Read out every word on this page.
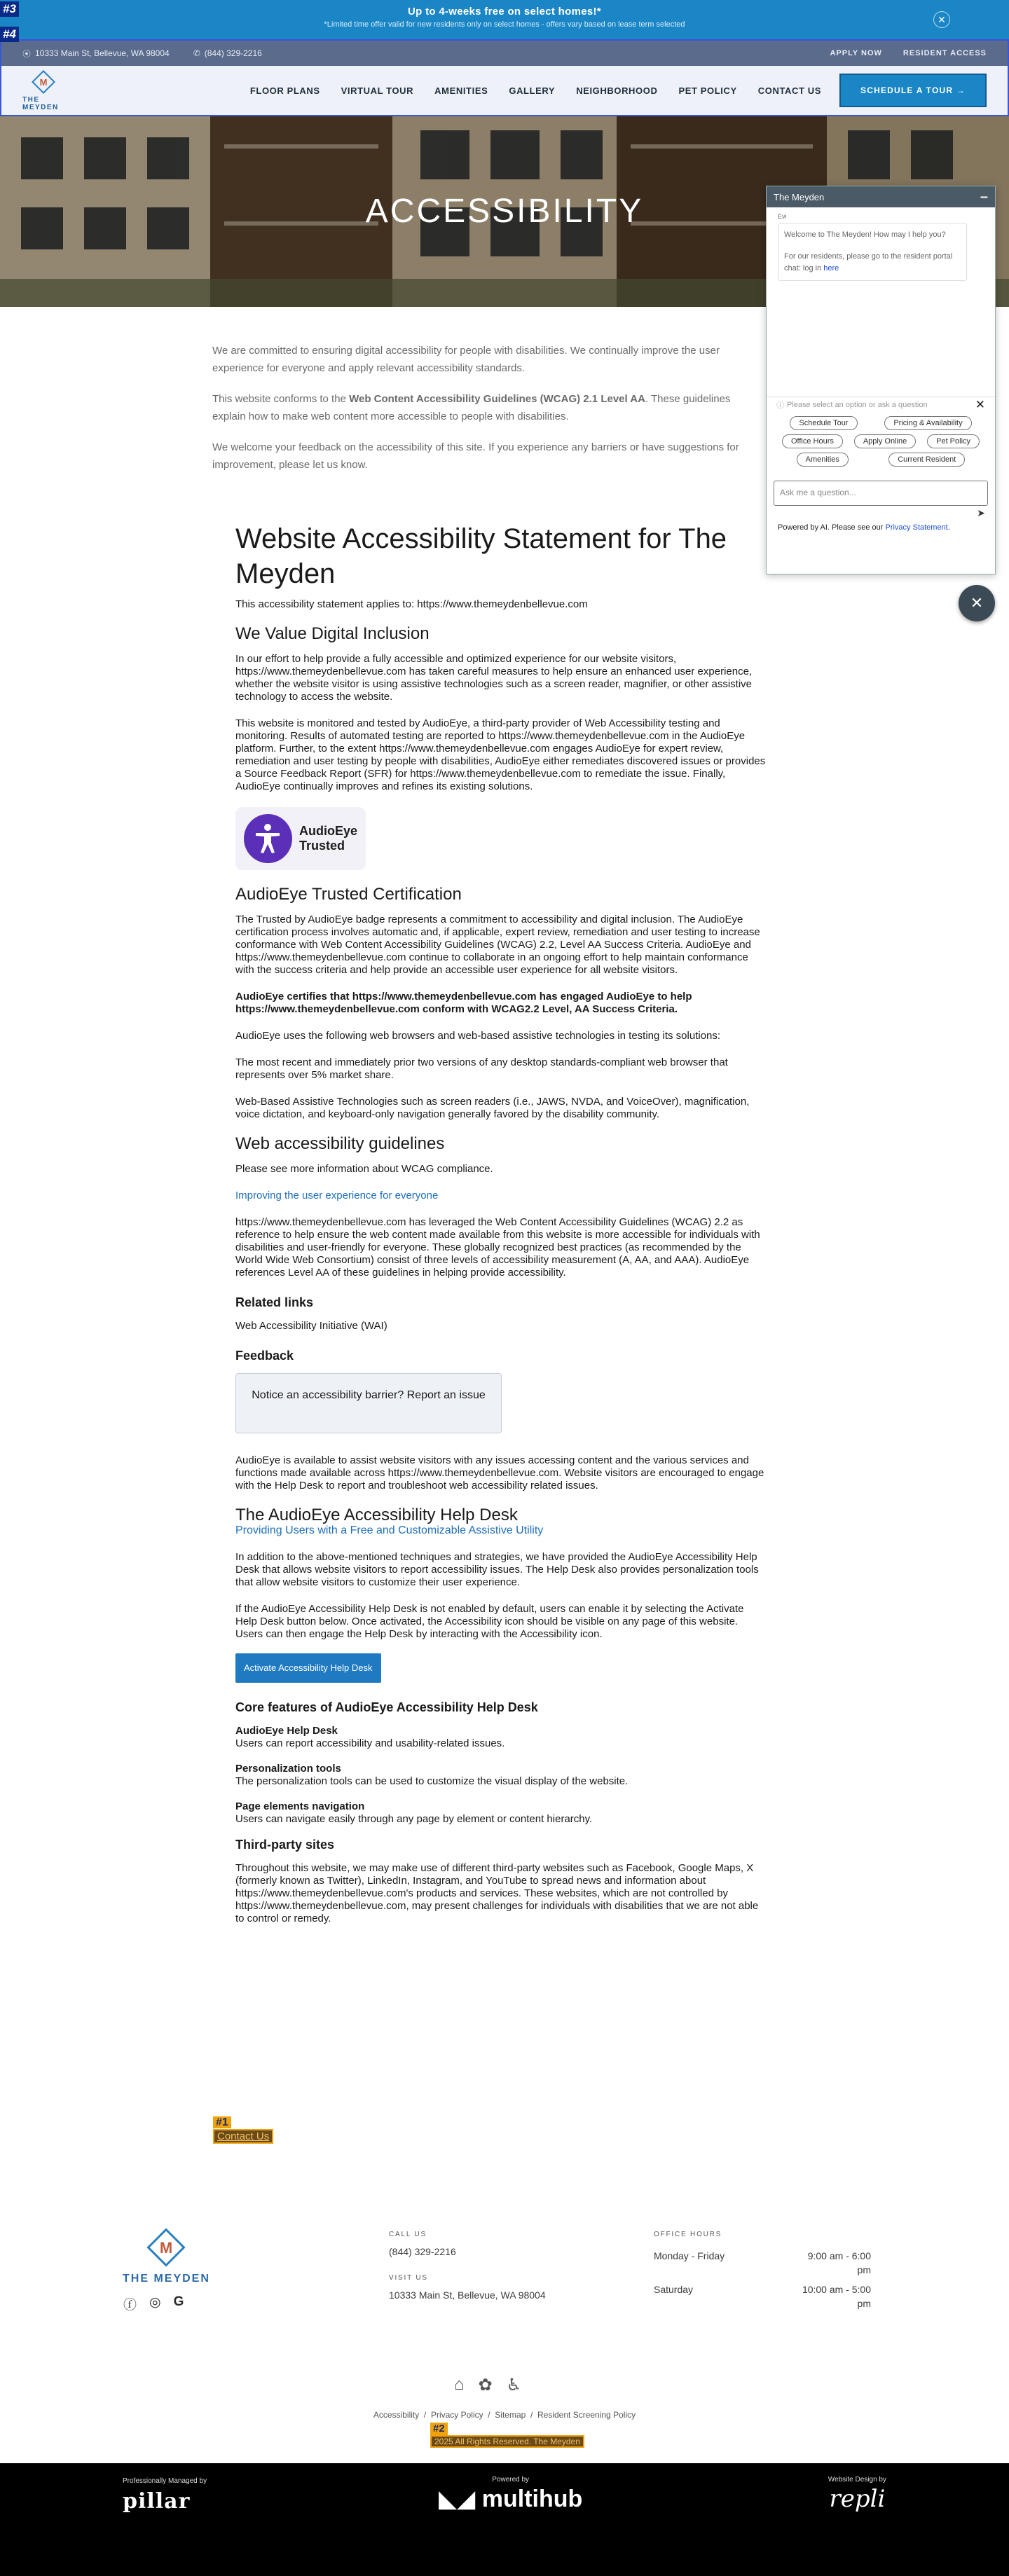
Up to 4-weeks free on select homes!*
*Limited time offer valid for new residents only on select homes - offers vary based on lease term selected	✕
#3
#4
⦿ 10333 Main St, Bellevue, WA 98004	✆ (844) 329-2216	APPLY NOW	RESIDENT ACCESS
M
THE MEYDEN
FLOOR PLANS VIRTUAL TOUR AMENITIES GALLERY NEIGHBORHOOD PET POLICY CONTACT US	SCHEDULE A TOUR →
ACCESSIBILITY

We are committed to ensuring digital accessibility for people with disabilities. We continually improve the user experience for everyone and apply relevant accessibility standards.

This website conforms to the Web Content Accessibility Guidelines (WCAG) 2.1 Level AA. These guidelines explain how to make web content more accessible to people with disabilities.

We welcome your feedback on the accessibility of this site. If you experience any barriers or have suggestions for improvement, please let us know.

Website Accessibility Statement for The Meyden

This accessibility statement applies to: https://www.themeydenbellevue.com

We Value Digital Inclusion

In our effort to help provide a fully accessible and optimized experience for our website visitors, https://www.themeydenbellevue.com has taken careful measures to help ensure an enhanced user experience, whether the website visitor is using assistive technologies such as a screen reader, magnifier, or other assistive technology to access the website.

This website is monitored and tested by AudioEye, a third-party provider of Web Accessibility testing and monitoring. Results of automated testing are reported to https://www.themeydenbellevue.com in the AudioEye platform. Further, to the extent https://www.themeydenbellevue.com engages AudioEye for expert review, remediation and user testing by people with disabilities, AudioEye either remediates discovered issues or provides a Source Feedback Report (SFR) for https://www.themeydenbellevue.com to remediate the issue. Finally, AudioEye continually improves and refines its existing solutions.

AudioEye
Trusted
AudioEye Trusted Certification

The Trusted by AudioEye badge represents a commitment to accessibility and digital inclusion. The AudioEye certification process involves automatic and, if applicable, expert review, remediation and user testing to increase conformance with Web Content Accessibility Guidelines (WCAG) 2.2, Level AA Success Criteria. AudioEye and https://www.themeydenbellevue.com continue to collaborate in an ongoing effort to help maintain conformance with the success criteria and help provide an accessible user experience for all website visitors.

AudioEye certifies that https://www.themeydenbellevue.com has engaged AudioEye to help https://www.themeydenbellevue.com conform with WCAG2.2 Level, AA Success Criteria.

AudioEye uses the following web browsers and web-based assistive technologies in testing its solutions:

The most recent and immediately prior two versions of any desktop standards-compliant web browser that represents over 5% market share.

Web-Based Assistive Technologies such as screen readers (i.e., JAWS, NVDA, and VoiceOver), magnification, voice dictation, and keyboard-only navigation generally favored by the disability community.

Web accessibility guidelines

Please see more information about WCAG compliance.

Improving the user experience for everyone

https://www.themeydenbellevue.com has leveraged the Web Content Accessibility Guidelines (WCAG) 2.2 as reference to help ensure the web content made available from this website is more accessible for individuals with disabilities and user-friendly for everyone. These globally recognized best practices (as recommended by the World Wide Web Consortium) consist of three levels of accessibility measurement (A, AA, and AAA). AudioEye references Level AA of these guidelines in helping provide accessibility.

Related links

Web Accessibility Initiative (WAI)

Feedback
Notice an accessibility barrier? Report an issue

AudioEye is available to assist website visitors with any issues accessing content and the various services and functions made available across https://www.themeydenbellevue.com. Website visitors are encouraged to engage with the Help Desk to report and troubleshoot web accessibility related issues.

The AudioEye Accessibility Help Desk

Providing Users with a Free and Customizable Assistive Utility

In addition to the above-mentioned techniques and strategies, we have provided the AudioEye Accessibility Help Desk that allows website visitors to report accessibility issues. The Help Desk also provides personalization tools that allow website visitors to customize their user experience.

If the AudioEye Accessibility Help Desk is not enabled by default, users can enable it by selecting the Activate Help Desk button below. Once activated, the Accessibility icon should be visible on any page of this website. Users can then engage the Help Desk by interacting with the Accessibility icon.

Activate Accessibility Help Desk
Core features of AudioEye Accessibility Help Desk
AudioEye Help Desk
Users can report accessibility and usability-related issues.
Personalization tools
The personalization tools can be used to customize the visual display of the website.
Page elements navigation
Users can navigate easily through any page by element or content hierarchy.
Third-party sites

Throughout this website, we may make use of different third-party websites such as Facebook, Google Maps, X (formerly known as Twitter), LinkedIn, Instagram, and YouTube to spread news and information about https://www.themeydenbellevue.com's products and services. These websites, which are not controlled by https://www.themeydenbellevue.com, may present challenges for individuals with disabilities that we are not able to control or remedy.

#1
Contact Us
M
THE MEYDEN
ⓕ ◎ G
CALL US
(844) 329-2216
VISIT US
10333 Main St, Bellevue, WA 98004
OFFICE HOURS
Monday - Friday	9:00 am - 6:00 pm
Saturday	10:00 am - 5:00 pm
⌂ ✿ ♿
Accessibility  /  Privacy Policy  /  Sitemap  /  Resident Screening Policy
#2
2025 All Rights Reserved. The Meyden
Professionally Managed by
pillar
Powered by
◣◢ multihub
Website Design by
repli
The Meyden	–
Evi
Welcome to The Meyden! How may I help you?
For our residents, please go to the resident portal chat: log in here
ⓘ Please select an option or ask a question	✕
Schedule Tour	Pricing & Availability
Office Hours	Apply Online	Pet Policy
Amenities	Current Resident
Ask me a question...
➤
Powered by AI. Please see our Privacy Statement.
✕
